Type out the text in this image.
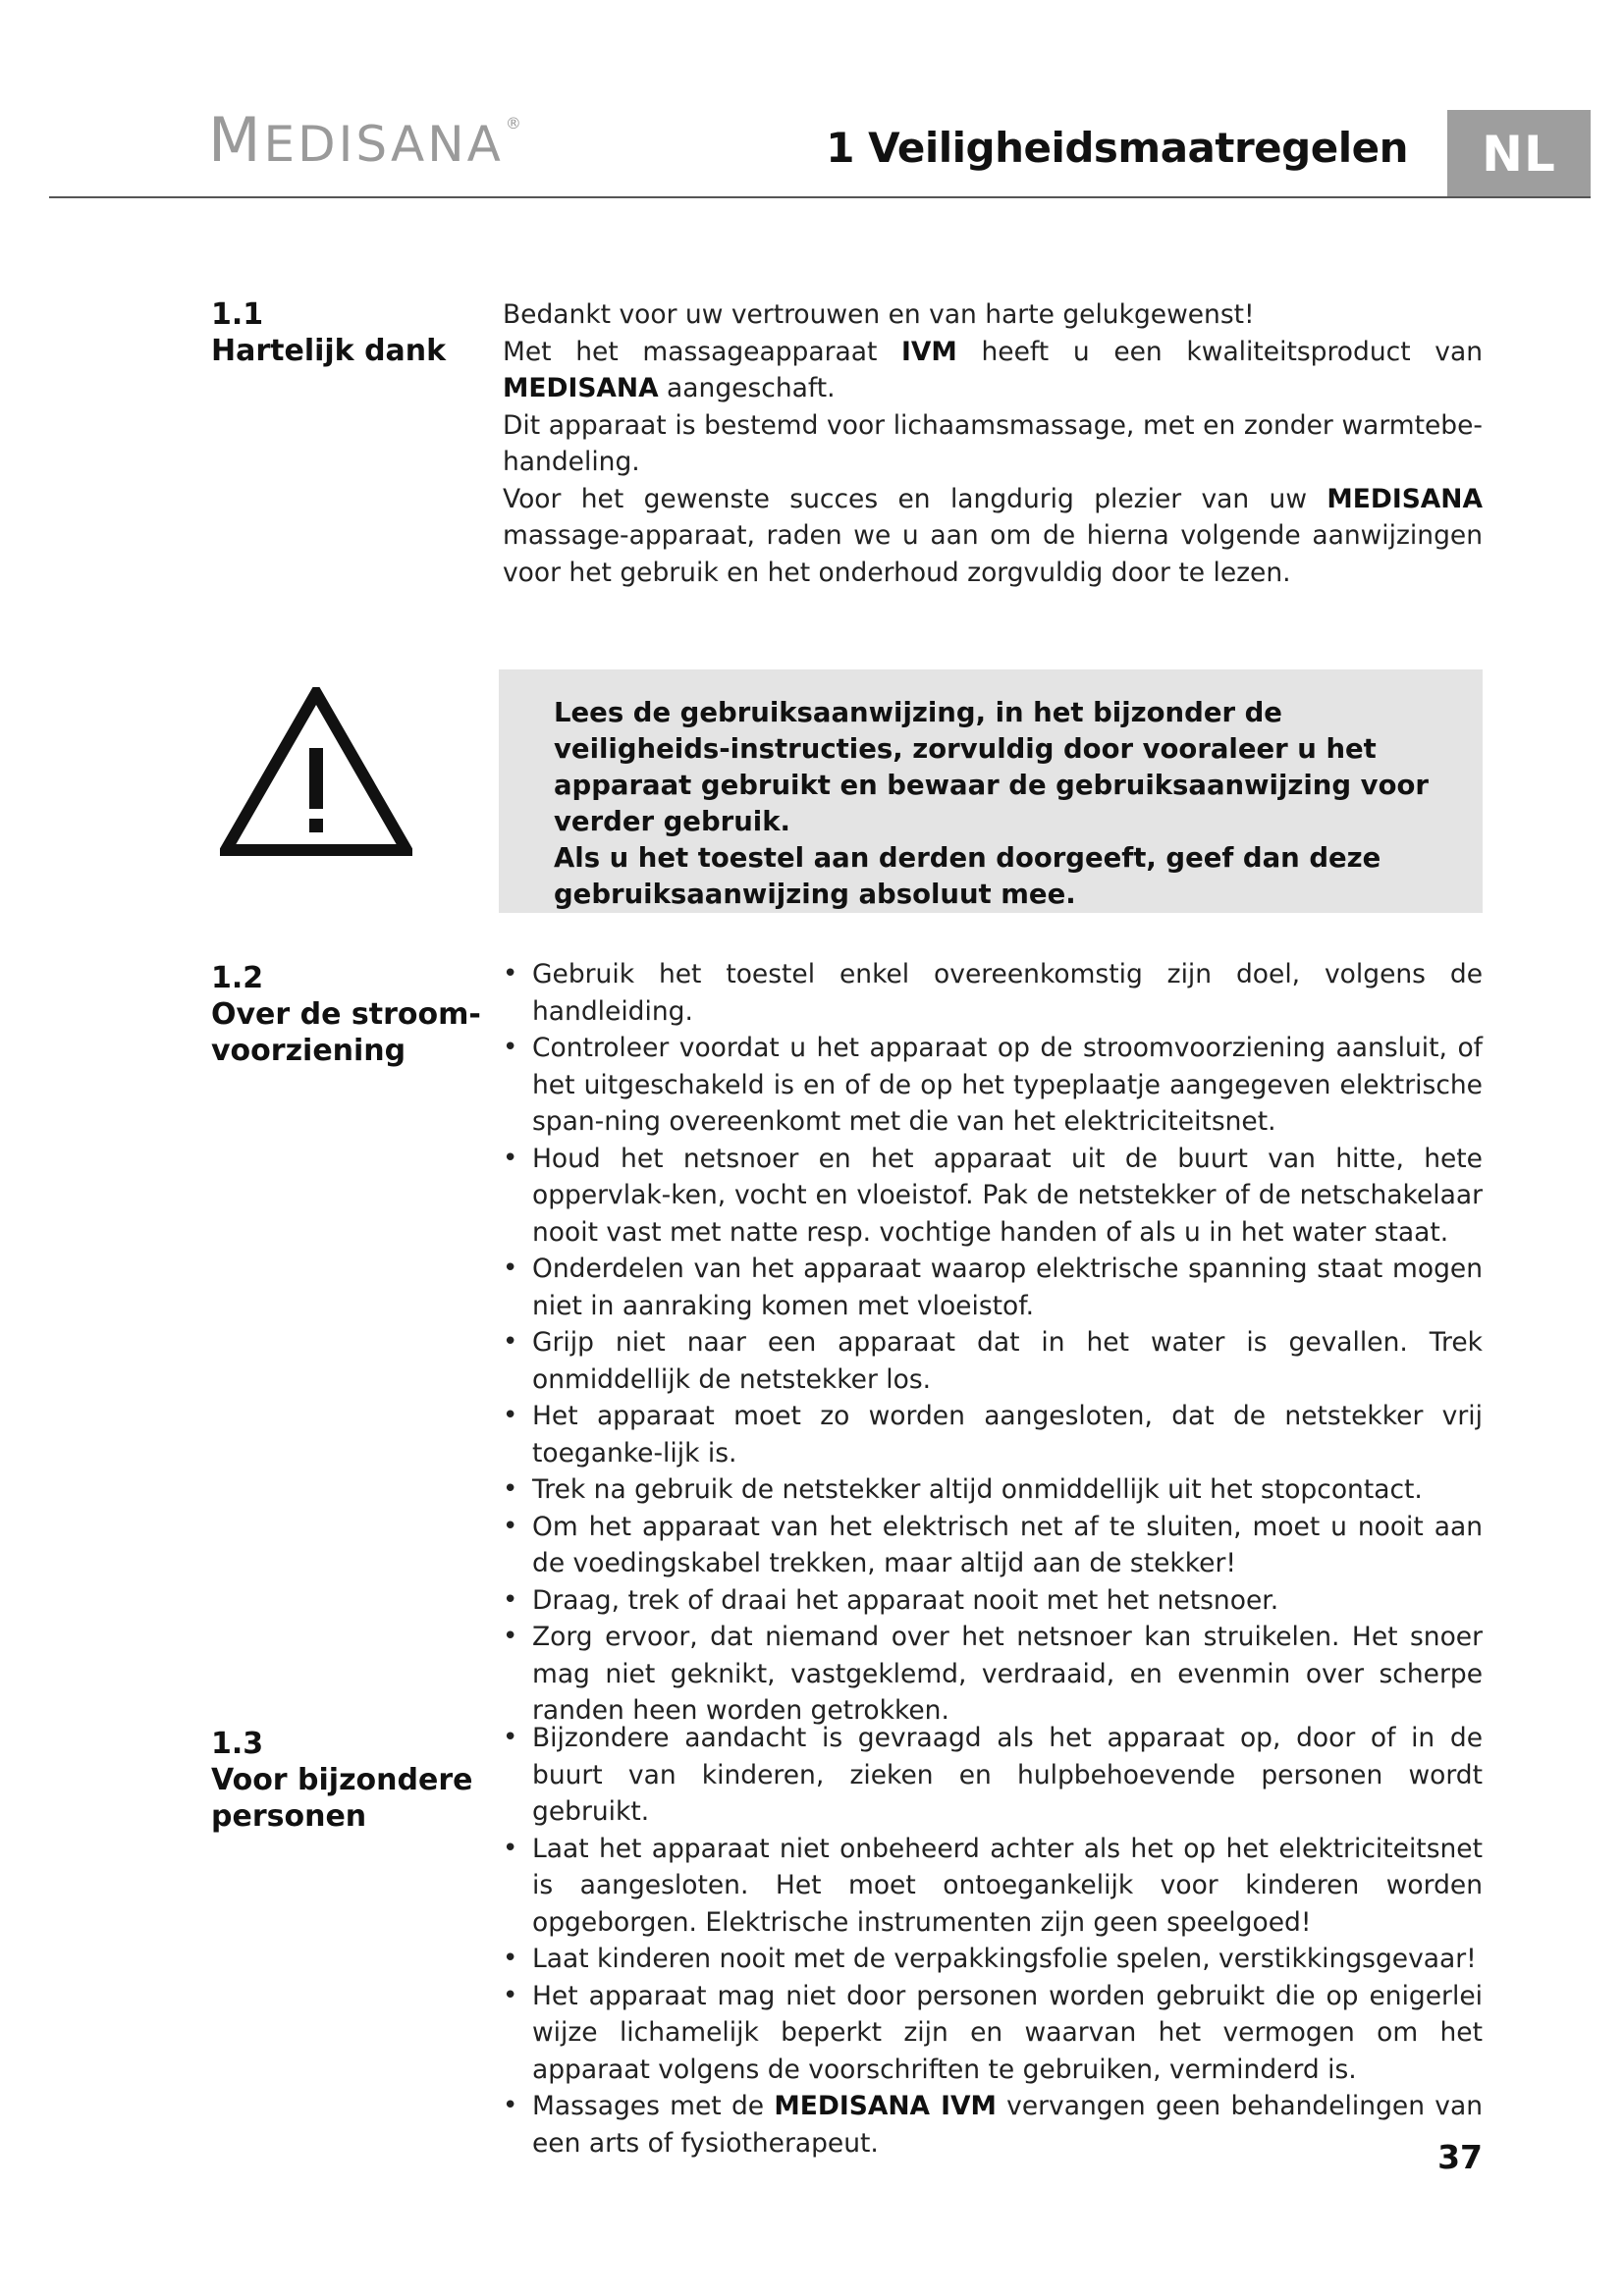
MEDISANA ®
1 Veiligheidsmaatregelen	NL
1.1
Hartelijk dank

Bedankt voor uw vertrouwen en van harte gelukgewenst!

Met het massageapparaat IVM heeft u een kwaliteitsproduct van MEDISANA aangeschaft.

Dit apparaat is bestemd voor lichaamsmassage, met en zonder warmtebe-handeling.

Voor het gewenste succes en langdurig plezier van uw MEDISANA massage-apparaat, raden we u aan om de hierna volgende aanwijzingen voor het gebruik en het onderhoud zorgvuldig door te lezen.

Lees de gebruiksaanwijzing, in het bijzonder de veiligheids-instructies, zorvuldig door vooraleer u het apparaat gebruikt en bewaar de gebruiksaanwijzing voor verder gebruik.

Als u het toestel aan derden doorgeeft, geef dan deze gebruiksaanwijzing absoluut mee.

1.2
Over de stroom-
voorziening
• Gebruik het toestel enkel overeenkomstig zijn doel, volgens de handleiding.
• Controleer voordat u het apparaat op de stroomvoorziening aansluit, of het uitgeschakeld is en of de op het typeplaatje aangegeven elektrische span-ning overeenkomt met die van het elektriciteitsnet.
• Houd het netsnoer en het apparaat uit de buurt van hitte, hete oppervlak-ken, vocht en vloeistof. Pak de netstekker of de netschakelaar nooit vast met natte resp. vochtige handen of als u in het water staat.
• Onderdelen van het apparaat waarop elektrische spanning staat mogen niet in aanraking komen met vloeistof.
• Grijp niet naar een apparaat dat in het water is gevallen. Trek onmiddellijk de netstekker los.
• Het apparaat moet zo worden aangesloten, dat de netstekker vrij toeganke-lijk is.
• Trek na gebruik de netstekker altijd onmiddellijk uit het stopcontact.
• Om het apparaat van het elektrisch net af te sluiten, moet u nooit aan de voedingskabel trekken, maar altijd aan de stekker!
• Draag, trek of draai het apparaat nooit met het netsnoer.
• Zorg ervoor, dat niemand over het netsnoer kan struikelen. Het snoer mag niet geknikt, vastgeklemd, verdraaid, en evenmin over scherpe randen heen worden getrokken.
1.3
Voor bijzondere
personen
• Bijzondere aandacht is gevraagd als het apparaat op, door of in de buurt van kinderen, zieken en hulpbehoevende personen wordt gebruikt.
• Laat het apparaat niet onbeheerd achter als het op het elektriciteitsnet is aangesloten. Het moet ontoegankelijk voor kinderen worden opgeborgen. Elektrische instrumenten zijn geen speelgoed!
• Laat kinderen nooit met de verpakkingsfolie spelen, verstikkingsgevaar!
• Het apparaat mag niet door personen worden gebruikt die op enigerlei wijze lichamelijk beperkt zijn en waarvan het vermogen om het apparaat volgens de voorschriften te gebruiken, verminderd is.
• Massages met de MEDISANA IVM vervangen geen behandelingen van een arts of fysiotherapeut.	37
